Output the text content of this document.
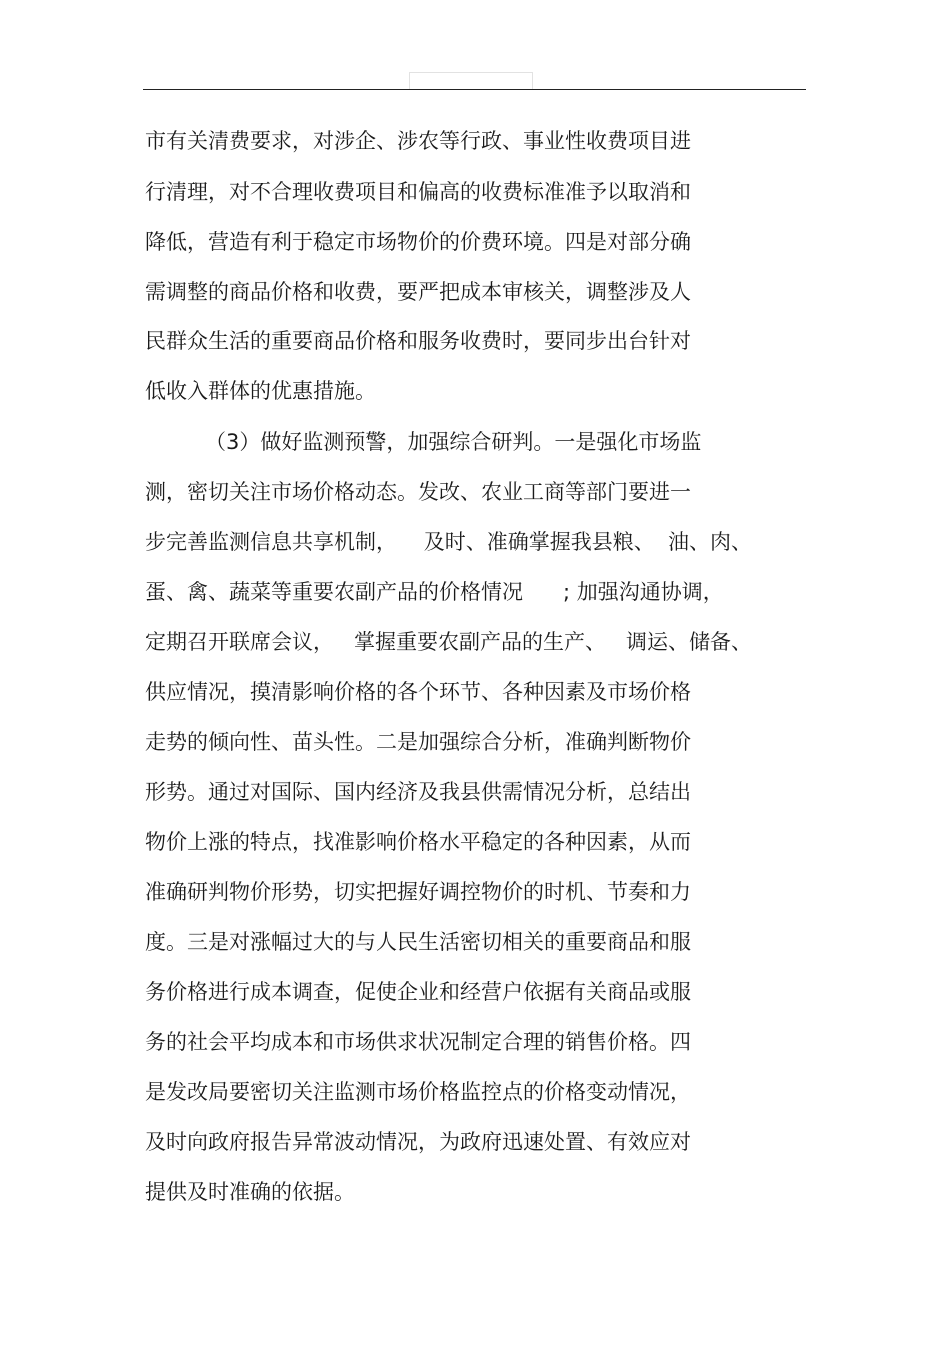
市有关清费要求，对涉企、涉农等行政、事业性收费项目进
行清理，对不合理收费项目和偏高的收费标准准予以取消和
降低，营造有利于稳定市场物价的价费环境。四是对部分确
需调整的商品价格和收费，要严把成本审核关，调整涉及人
民群众生活的重要商品价格和服务收费时，要同步出台针对
低收入群体的优惠措施。
（3）做好监测预警，加强综合研判。一是强化市场监
测，密切关注市场价格动态。发改、农业工商等部门要进一
步完善监测信息共享机制，    及时、准确掌握我县粮、  油、肉、
蛋、禽、蔬菜等重要农副产品的价格情况      ; 加强沟通协调，
定期召开联席会议，   掌握重要农副产品的生产、   调运、储备、
供应情况，摸清影响价格的各个环节、各种因素及市场价格
走势的倾向性、苗头性。二是加强综合分析，准确判断物价
形势。通过对国际、国内经济及我县供需情况分析，总结出
物价上涨的特点，找准影响价格水平稳定的各种因素，从而
准确研判物价形势，切实把握好调控物价的时机、节奏和力
度。三是对涨幅过大的与人民生活密切相关的重要商品和服
务价格进行成本调查，促使企业和经营户依据有关商品或服
务的社会平均成本和市场供求状况制定合理的销售价格。四
是发改局要密切关注监测市场价格监控点的价格变动情况，
及时向政府报告异常波动情况，为政府迅速处置、有效应对
提供及时准确的依据。
